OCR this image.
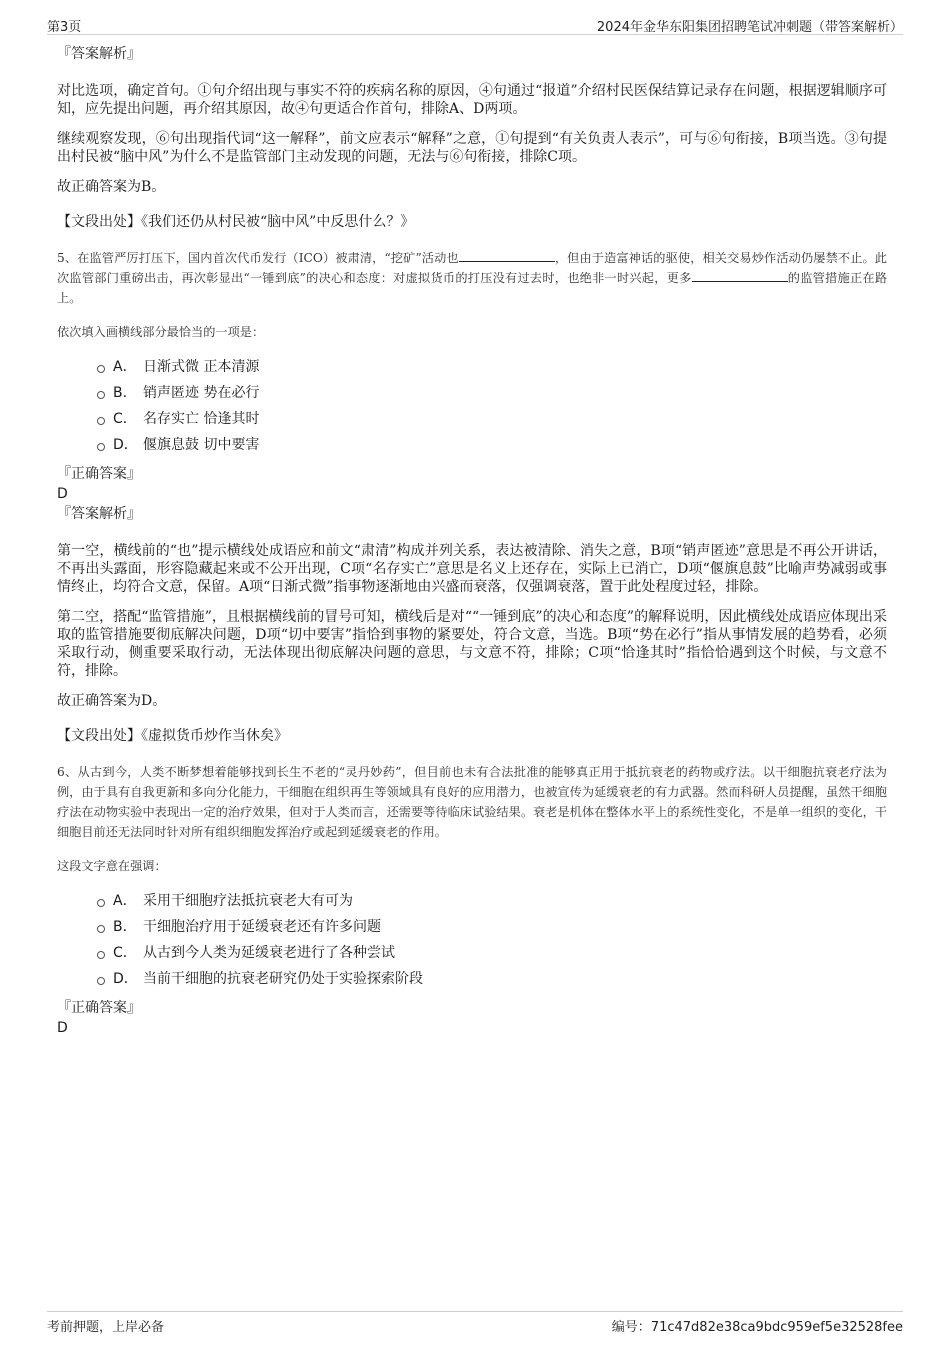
第3页	2024年金华东阳集团招聘笔试冲刺题（带答案解析）
『答案解析』

对比选项，确定首句。①句介绍出现与事实不符的疾病名称的原因，④句通过“报道”介绍村民医保结算记录存在问题，根据逻辑顺序可知，应先提出问题，再介绍其原因，故④句更适合作首句，排除A、D两项。

继续观察发现，⑥句出现指代词“这一解释”，前文应表示“解释”之意，①句提到“有关负责人表示”，可与⑥句衔接，B项当选。③句提出村民被“脑中风”为什么不是监管部门主动发现的问题，无法与⑥句衔接，排除C项。

故正确答案为B。

【文段出处】《我们还仍从村民被“脑中风”中反思什么？》

5、在监管严厉打压下，国内首次代币发行（ICO）被肃清，“挖矿”活动也	，但由于造富神话的驱使，相关交易炒作活动仍屡禁不止。此次监管部门重磅出击，再次彰显出“一锤到底”的决心和态度：对虚拟货币的打压没有过去时，也绝非一时兴起，更多	的监管措施正在路上。

依次填入画横线部分最恰当的一项是：
A． 日渐式微 正本清源
B． 销声匿迹 势在必行
C． 名存实亡 恰逢其时
D． 偃旗息鼓 切中要害
『正确答案』
D
『答案解析』

第一空，横线前的“也”提示横线处成语应和前文“肃清”构成并列关系，表达被清除、消失之意，B项“销声匿迹”意思是不再公开讲话，不再出头露面，形容隐藏起来或不公开出现，C项“名存实亡”意思是名义上还存在，实际上已消亡，D项“偃旗息鼓”比喻声势减弱或事情终止，均符合文意，保留。A项“日渐式微”指事物逐渐地由兴盛而衰落，仅强调衰落，置于此处程度过轻，排除。

第二空，搭配“监管措施”，且根据横线前的冒号可知，横线后是对““一锤到底”的决心和态度”的解释说明，因此横线处成语应体现出采取的监管措施要彻底解决问题，D项“切中要害”指恰到事物的紧要处，符合文意，当选。B项“势在必行”指从事情发展的趋势看，必须采取行动，侧重要采取行动，无法体现出彻底解决问题的意思，与文意不符，排除；C项“恰逢其时”指恰恰遇到这个时候，与文意不符，排除。

故正确答案为D。

【文段出处】《虚拟货币炒作当休矣》

6、从古到今，人类不断梦想着能够找到长生不老的“灵丹妙药”，但目前也未有合法批准的能够真正用于抵抗衰老的药物或疗法。以干细胞抗衰老疗法为例，由于具有自我更新和多向分化能力，干细胞在组织再生等领域具有良好的应用潜力，也被宣传为延缓衰老的有力武器。然而科研人员提醒，虽然干细胞疗法在动物实验中表现出一定的治疗效果，但对于人类而言，还需要等待临床试验结果。衰老是机体在整体水平上的系统性变化，不是单一组织的变化，干细胞目前还无法同时针对所有组织细胞发挥治疗或起到延缓衰老的作用。

这段文字意在强调：
A． 采用干细胞疗法抵抗衰老大有可为
B． 干细胞治疗用于延缓衰老还有许多问题
C． 从古到今人类为延缓衰老进行了各种尝试
D． 当前干细胞的抗衰老研究仍处于实验探索阶段
『正确答案』
D
考前押题，上岸必备	编号：71c47d82e38ca9bdc959ef5e32528fee
